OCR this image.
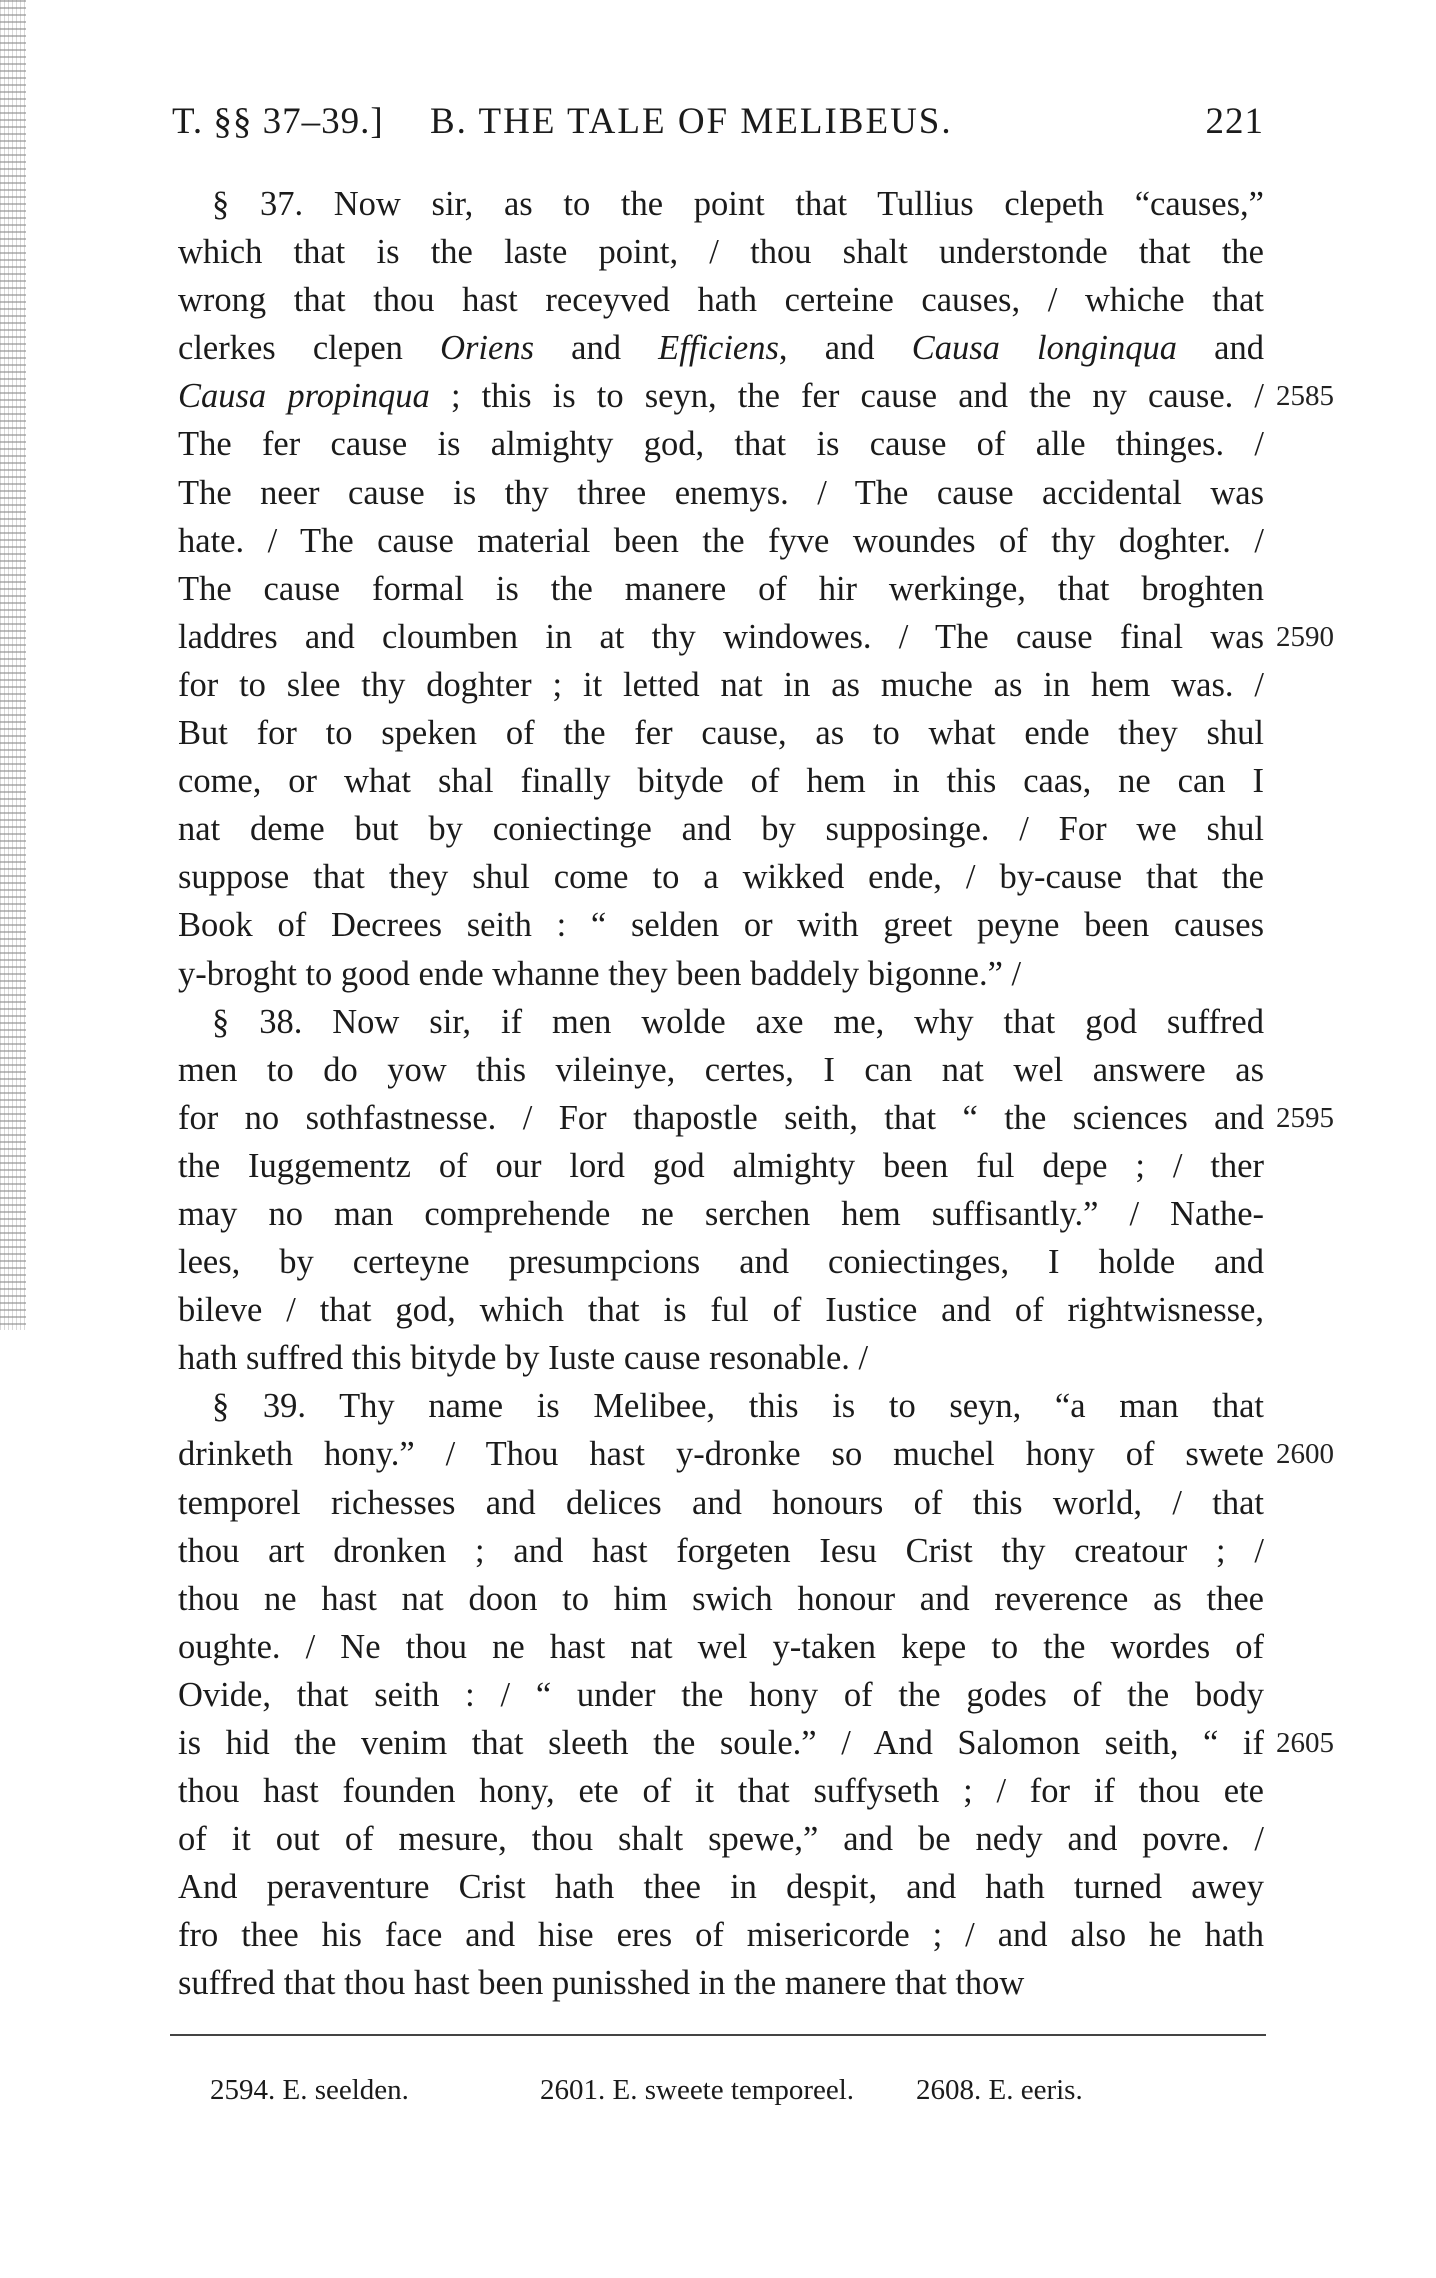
T. §§ 37–39.] B. THE TALE OF MELIBEUS.	221
§ 37. Now sir, as to the point that Tullius clepeth “causes,”
which that is the laste point, / thou shalt understonde that the
wrong that thou hast receyved hath certeine causes, / whiche that
clerkes clepen Oriens and Efficiens, and Causa longinqua and
Causa propinqua ; this is to seyn, the fer cause and the ny cause. / 2585
The fer cause is almighty god, that is cause of alle thinges. /
The neer cause is thy three enemys. / The cause accidental was
hate. / The cause material been the fyve woundes of thy doghter. /
The cause formal is the manere of hir werkinge, that broghten
laddres and cloumben in at thy windowes. / The cause final was 2590
for to slee thy doghter ; it letted nat in as muche as in hem was. /
But for to speken of the fer cause, as to what ende they shul
come, or what shal finally bityde of hem in this caas, ne can I
nat deme but by coniectinge and by supposinge. / For we shul
suppose that they shul come to a wikked ende, / by-cause that the
Book of Decrees seith : “ selden or with greet peyne been causes
y-broght to good ende whanne they been baddely bigonne.” /
§ 38. Now sir, if men wolde axe me, why that god suffred
men to do yow this vileinye, certes, I can nat wel answere as
for no sothfastnesse. / For thapostle seith, that “ the sciences and 2595
the Iuggementz of our lord god almighty been ful depe ; / ther
may no man comprehende ne serchen hem suffisantly.” / Nathe-
lees, by certeyne presumpcions and coniectinges, I holde and
bileve / that god, which that is ful of Iustice and of rightwisnesse,
hath suffred this bityde by Iuste cause resonable. /
§ 39. Thy name is Melibee, this is to seyn, “a man that
drinketh hony.” / Thou hast y-dronke so muchel hony of swete 2600
temporel richesses and delices and honours of this world, / that
thou art dronken ; and hast forgeten Iesu Crist thy creatour ; /
thou ne hast nat doon to him swich honour and reverence as thee
oughte. / Ne thou ne hast nat wel y-taken kepe to the wordes of
Ovide, that seith : / “ under the hony of the godes of the body
is hid the venim that sleeth the soule.” / And Salomon seith, “ if 2605
thou hast founden hony, ete of it that suffyseth ; / for if thou ete
of it out of mesure, thou shalt spewe,” and be nedy and povre. /
And peraventure Crist hath thee in despit, and hath turned awey
fro thee his face and hise eres of misericorde ; / and also he hath
suffred that thou hast been punisshed in the manere that thow
2594. E. seelden.	2601. E. sweete temporeel. 2608. E. eeris.
